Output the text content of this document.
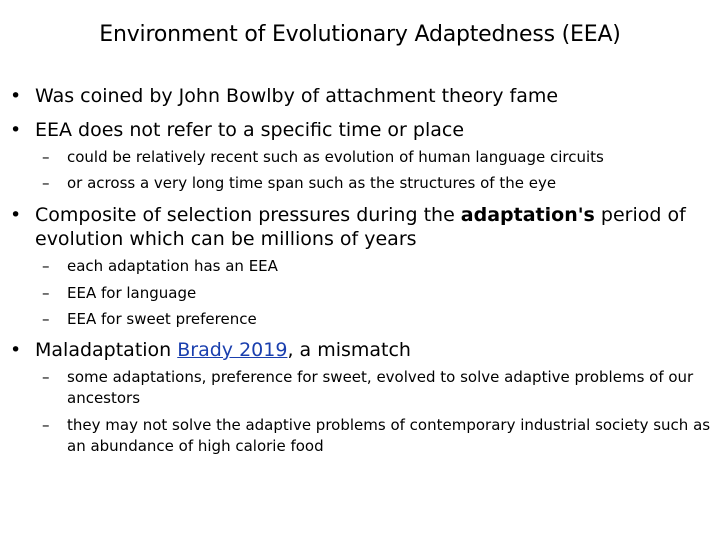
Environment of Evolutionary Adaptedness (EEA)
• Was coined by John Bowlby of attachment theory fame
• EEA does not refer to a specific time or place
– could be relatively recent such as evolution of human language circuits
– or across a very long time span such as the structures of the eye
• Composite of selection pressures during the adaptation's period of evolution which can be millions of years
– each adaptation has an EEA
– EEA for language
– EEA for sweet preference
• Maladaptation Brady 2019, a mismatch
– some adaptations, preference for sweet, evolved to solve adaptive problems of our ancestors
– they may not solve the adaptive problems of contemporary industrial society such as an abundance of high calorie food
